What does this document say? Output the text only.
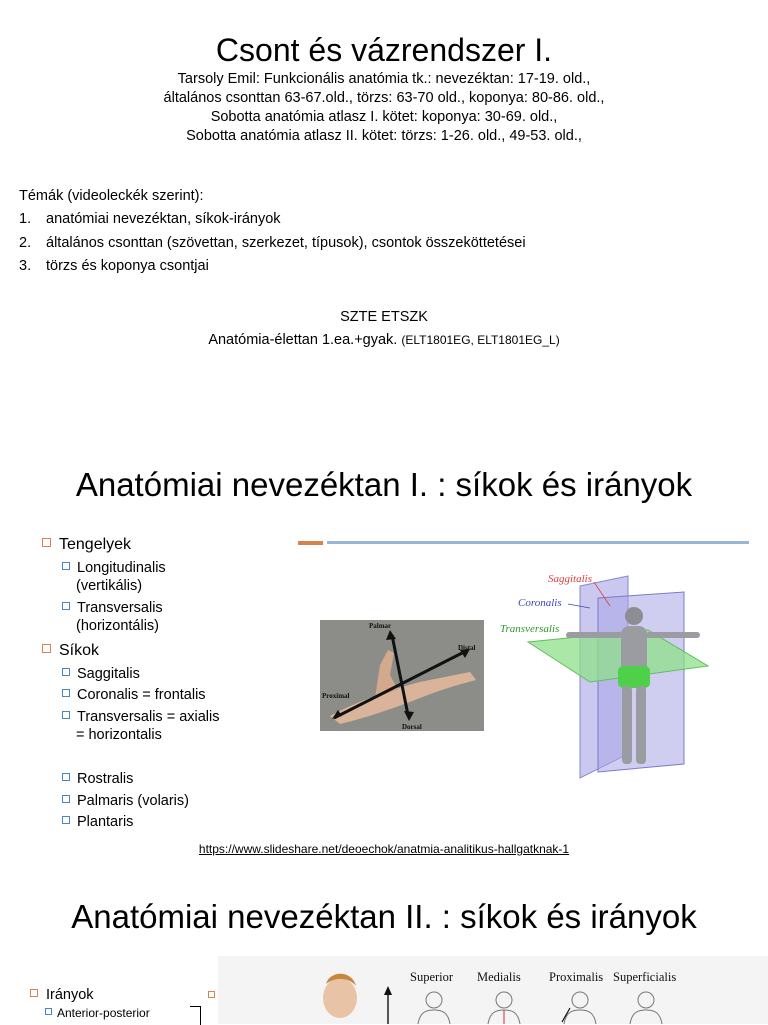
Csont és vázrendszer I.
Tarsoly Emil: Funkcionális anatómia tk.: nevezéktan: 17-19. old.,
általános csonttan 63-67.old., törzs: 63-70 old., koponya: 80-86. old.,
Sobotta anatómia atlasz I. kötet: koponya: 30-69. old.,
Sobotta anatómia atlasz II. kötet: törzs: 1-26. old., 49-53. old.,
Témák (videoleckék szerint):
1. anatómiai nevezéktan, síkok-irányok
2. általános csonttan (szövettan, szerkezet, típusok), csontok összeköttetései
3. törzs és koponya csontjai
SZTE ETSZK
Anatómia-élettan 1.ea.+gyak. (ELT1801EG, ELT1801EG_L)
Anatómiai nevezéktan I. : síkok és irányok
Tengelyek
Longitudinalis
(vertikális)
Transversalis
(horizontális)
Síkok
Saggitalis
Coronalis = frontalis
Transversalis = axialis
= horizontalis
Rostralis
Palmaris (volaris)
Plantaris
Palmar
Distal
Proximal
Dorsal
Saggitalis
Coronalis
Transversalis
https://www.slideshare.net/deoechok/anatmia-analitikus-hallgatknak-1
Anatómiai nevezéktan II. : síkok és irányok
Irányok
Anterior-posterior
Superior Medialis Proximalis Superficialis
